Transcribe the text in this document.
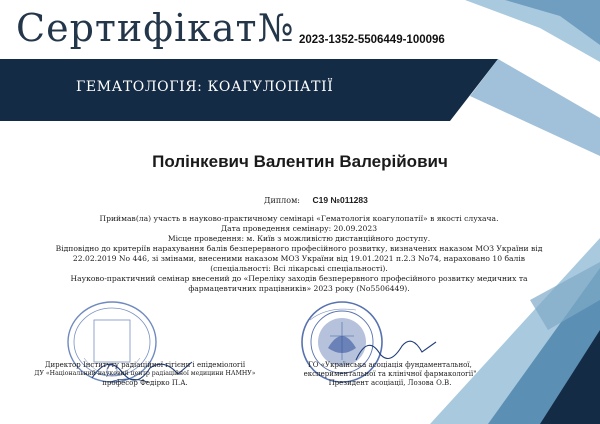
Сертифікат№ 2023-1352-5506449-100096
ГЕМАТОЛОГІЯ: КОАГУЛОПАТІЇ
Полінкевич Валентин Валерійович
Диплом: С19 №011283
Приймав(ла) участь в науково-практичному семінарі «Гематологія коагулопатії» в якості слухача.
Дата проведення семінару: 20.09.2023
Місце проведення: м. Київ з можливістю дистанційного доступу.
Відповідно до критеріїв нарахування балів безперервного професійного розвитку, визначених наказом МОЗ України від
22.02.2019 No 446, зі змінами, внесеними наказом МОЗ України від 19.01.2021 п.2.3 No74, нараховано 10 балів
(спеціальності: Всі лікарські спеціальності).
Науково-практичний семінар внесений до «Переліку заходів безперервного професійного розвитку медичних та
фармацевтичних працівників» 2023 року (No5506449).
Директор Інституту радіаційної гігієни і епідеміології
ДУ «Національний науковий центр радіаційної медицини НАМНУ»
професор Федірко П.А.
ГО «Українська асоціація фундаментальної,
експериментальної та клінічної фармакології"
Президент асоціації, Лозова О.В.
